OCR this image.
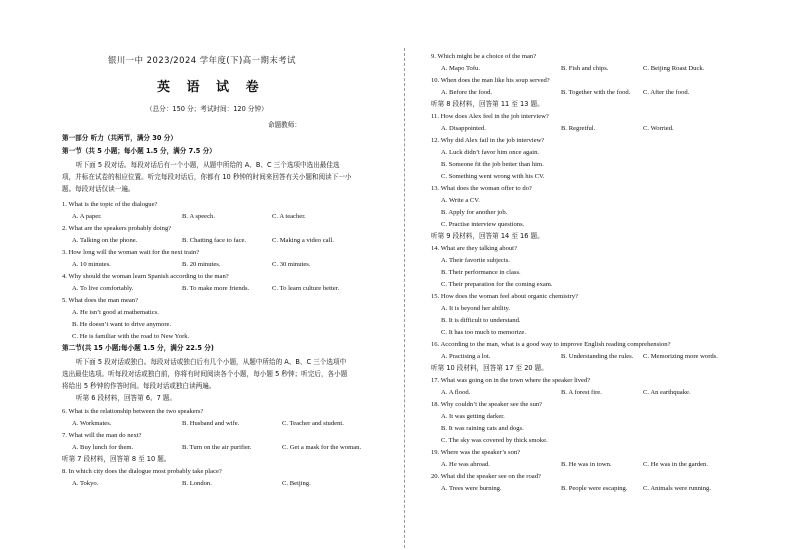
银川一中 2023/2024 学年度(下)高一期末考试
英 语 试 卷
（总分：150 分；考试时间：120 分钟）
命题教师：
第一部分 听力（共两节，满分 30 分）
第一节（共 5 小题；每小题 1.5 分，满分 7.5 分）
听下面 5 段对话。每段对话后有一个小题，从题中所给的 A、B、C 三个选项中选出最佳选项，并标在试卷的相应位置。听完每段对话后，你都有 10 秒钟的时间来回答有关小题和阅读下一小题。每段对话仅读一遍。
1. What is the topic of the dialogue?
A. A paper.	B. A speech.	C. A teacher.
2. What are the speakers probably doing?
A. Talking on the phone.	B. Chatting face to face.	C. Making a video call.
3. How long will the woman wait for the next train?
A. 10 minutes.	B. 20 minutes.	C. 30 minutes.
4. Why should the woman learn Spanish according to the man?
A. To live comfortably.	B. To make more friends.	C. To learn culture better.
5. What does the man mean?
A. He isn’t good at mathematics.
B. He doesn’t want to drive anymore.
C. He is familiar with the road to New York.
第二节(共 15 小题;每小题 1.5 分，满分 22.5 分)
听下面 5 段对话或独白。每段对话或独白后有几个小题，从题中所给的 A、B、C 三个选项中选出最佳选项。听每段对话或独白前，你将有时间阅读各个小题，每小题 5 秒钟；听完后，各小题将给出 5 秒钟的作答时间。每段对话或独白读两遍。
听第 6 段材料，回答第 6、7 题。
6. What is the relationship between the two speakers?
A. Workmates.	B. Husband and wife.	C. Teacher and student.
7. What will the man do next?
A. Buy lunch for them.	B. Turn on the air purifier.	C. Get a mask for the woman.
听第 7 段材料，回答第 8 至 10 题。
8. In which city does the dialogue most probably take place?
A. Tokyo.	B. London.	C. Beijing.
9. Which might be a choice of the man?
A. Mapo Tofu.	B. Fish and chips.	C. Beijing Roast Duck.
10. When does the man like his soup served?
A. Before the food.	B. Together with the food. C. After the food.
听第 8 段材料，回答第 11 至 13 题。
11. How does Alex feel in the job interview?
A. Disappointed.	B. Regretful.	C. Worried.
12. Why did Alex fail in the job interview?
A. Luck didn’t favor him once again.
B. Someone fit the job better than him.
C. Something went wrong with his CV.
13. What does the woman offer to do?
A. Write a CV.
B. Apply for another job.
C. Practise interview questions.
听第 9 段材料，回答第 14 至 16 题。
14. What are they talking about?
A. Their favorite subjects.
B. Their performance in class.
C. Their preparation for the coming exam.
15. How does the woman feel about organic chemistry?
A. It is beyond her ability.
B. It is difficult to understand.
C. It has too much to memorize.
16. According to the man, what is a good way to improve English reading comprehension?
A. Practising a lot.	B. Understanding the rules. C. Memorizing more words.
听第 10 段材料，回答第 17 至 20 题。
17. What was going on in the town where the speaker lived?
A. A flood.	B. A forest fire.	C. An earthquake.
18. Why couldn’t the speaker see the sun?
A. It was getting darker.
B. It was raining cats and dogs.
C. The sky was covered by thick smoke.
19. Where was the speaker’s son?
A. He was abroad.	B. He was in town.	C. He was in the garden.
20. What did the speaker see on the road?
A. Trees were burning.	B. People were escaping. C. Animals were running.
